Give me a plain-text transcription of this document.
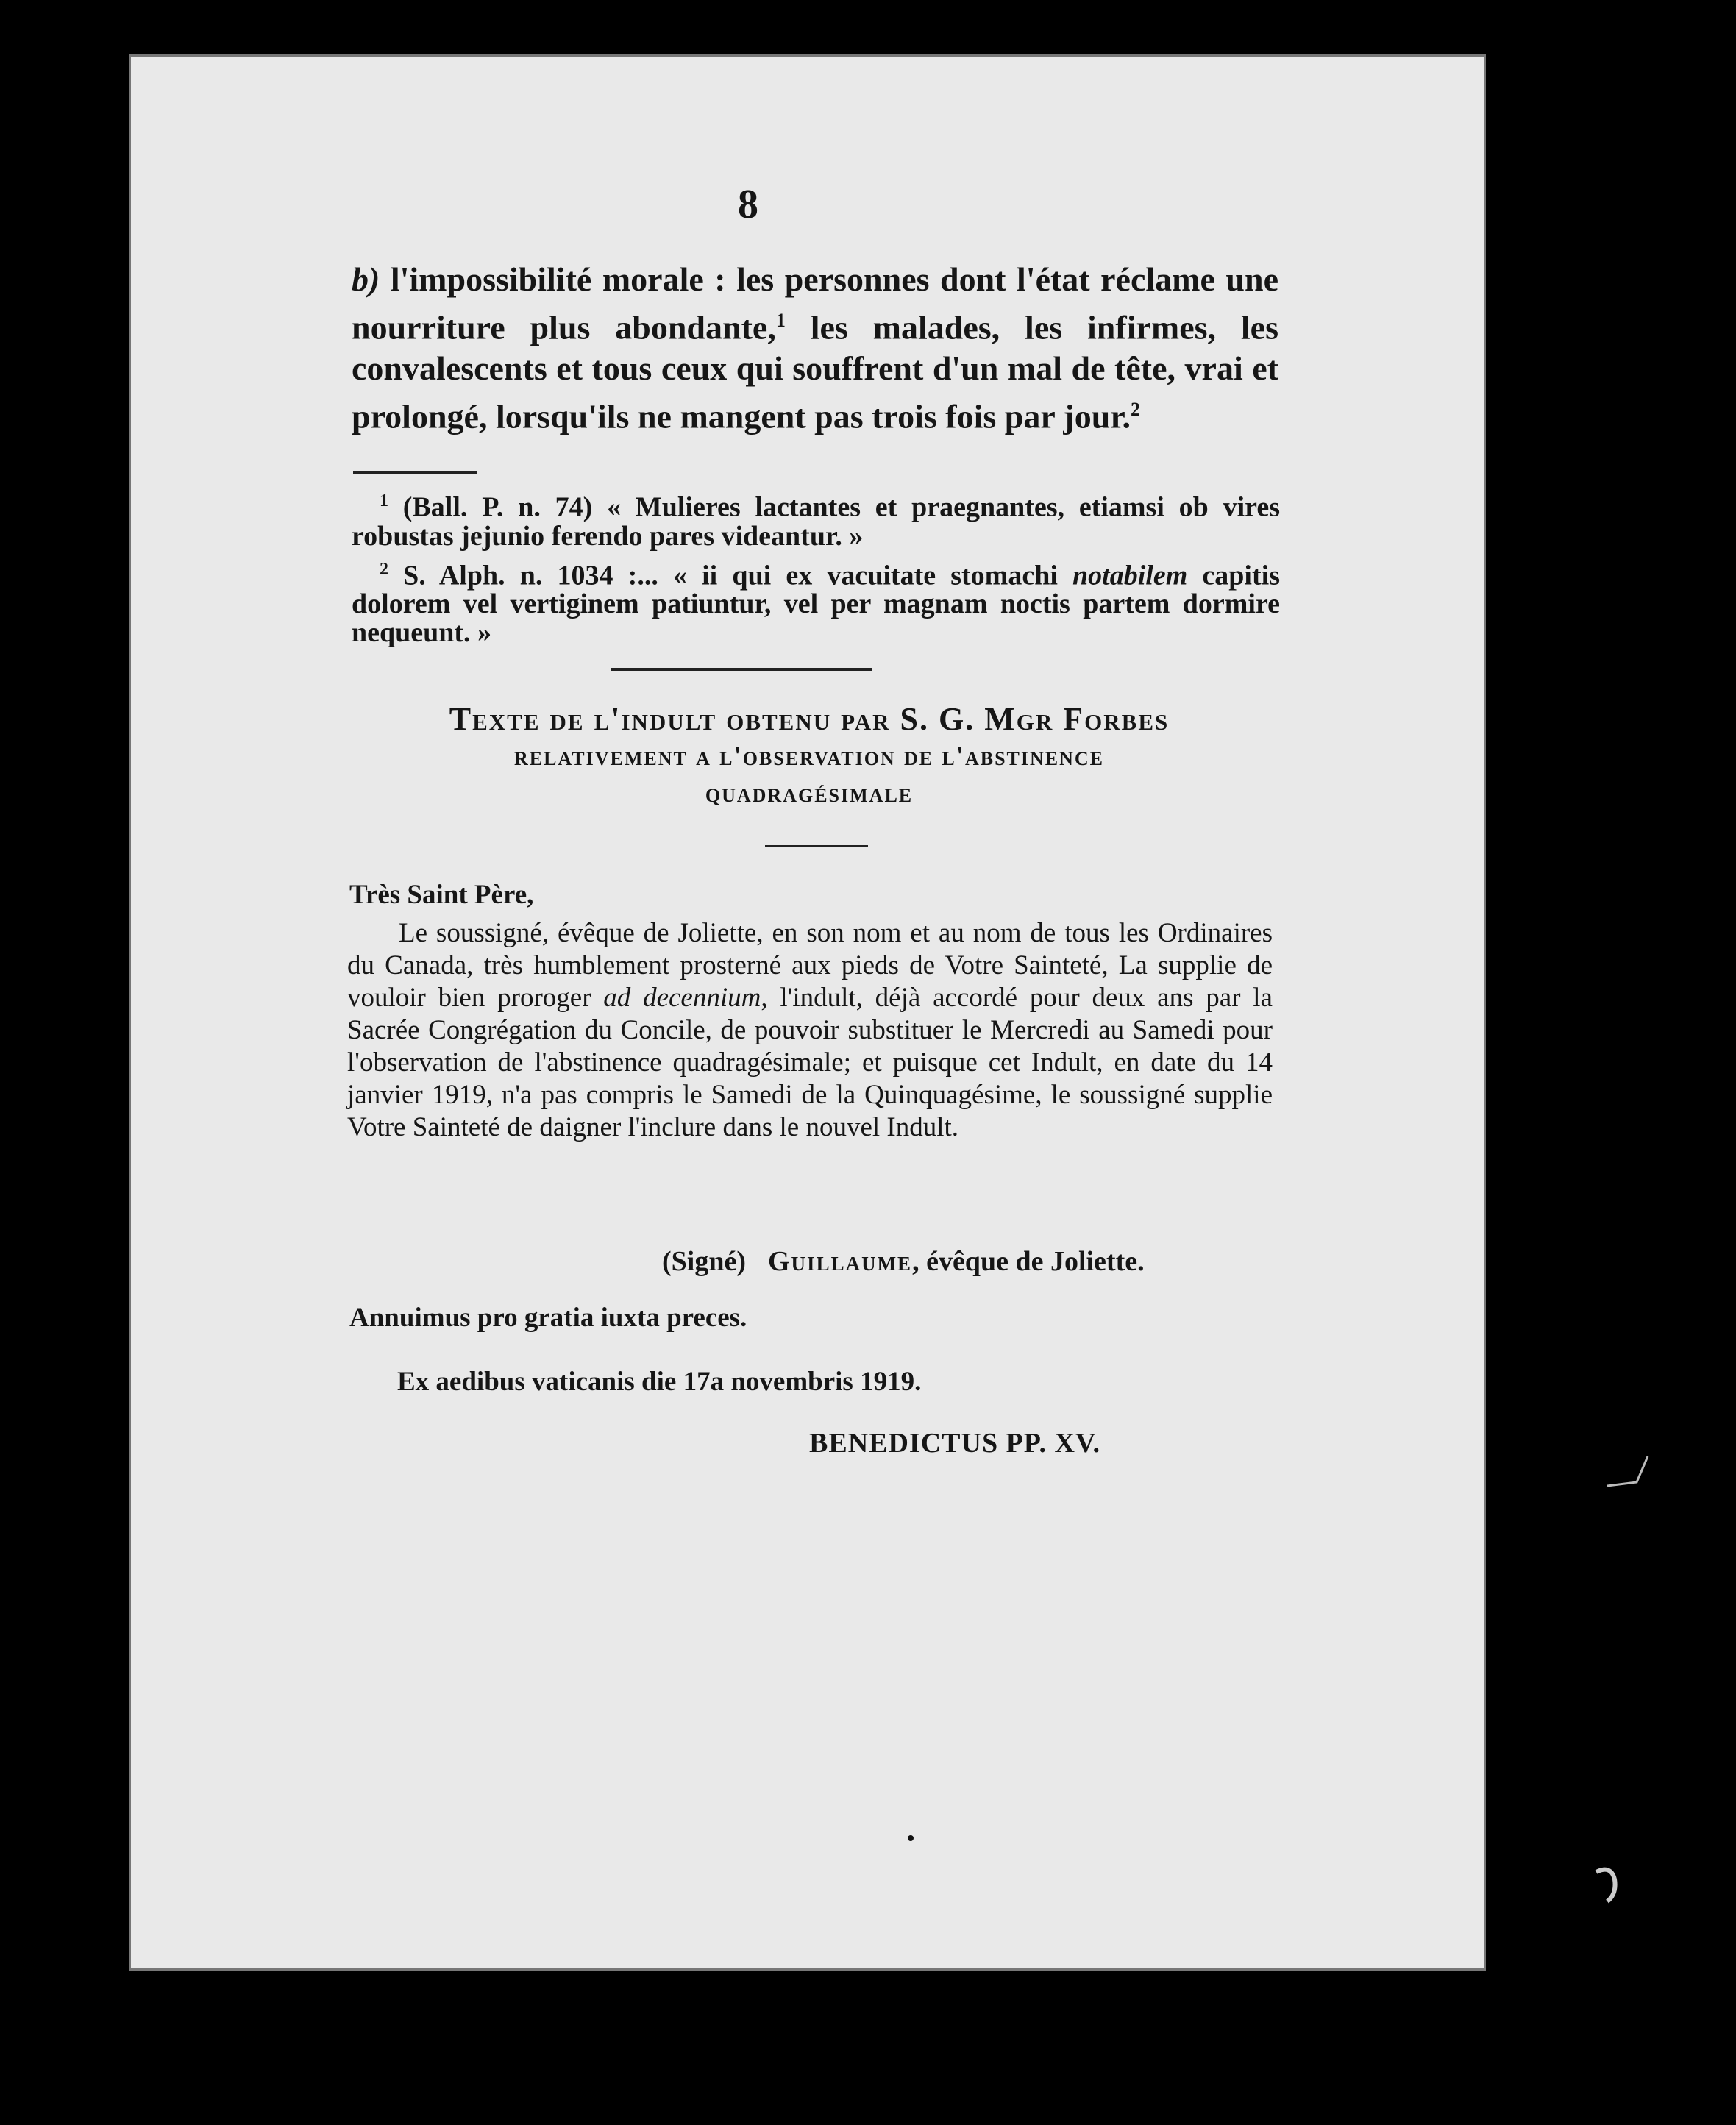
8

b) l'impossibilité morale : les personnes dont l'état réclame une nourriture plus abondante,$^1$ les malades, les infirmes, les convalescents et tous ceux qui souffrent d'un mal de tête, vrai et prolongé, lorsqu'ils ne mangent pas trois fois par jour.$^2$

$^1$ (Ball. P. n. 74) « Mulieres lactantes et praegnantes, etiamsi ob vires robustas jejunio ferendo pares videantur. »

$^2$ S. Alph. n. 1034 :... « ii qui ex vacuitate stomachi notabilem capitis dolorem vel vertiginem patiuntur, vel per magnam noctis partem dormire nequeunt. »

Texte de l'indult obtenu par S. G. Mgr Forbes
relativement a l'observation de l'abstinence
quadragésimale
Très Saint Père,

Le soussigné, évêque de Joliette, en son nom et au nom de tous les Ordinaires du Canada, très humblement prosterné aux pieds de Votre Sainteté, La supplie de vouloir bien proroger ad decennium, l'indult, déjà accordé pour deux ans par la Sacrée Congrégation du Concile, de pouvoir substituer le Mercredi au Samedi pour l'observation de l'abstinence quadragésimale; et puisque cet Indult, en date du 14 janvier 1919, n'a pas compris le Samedi de la Quinquagésime, le soussigné supplie Votre Sainteté de daigner l'inclure dans le nouvel Indult.

(Signé) Guillaume, évêque de Joliette.
Annuimus pro gratia iuxta preces.
Ex aedibus vaticanis die 17a novembris 1919.
BENEDICTUS PP. XV.
